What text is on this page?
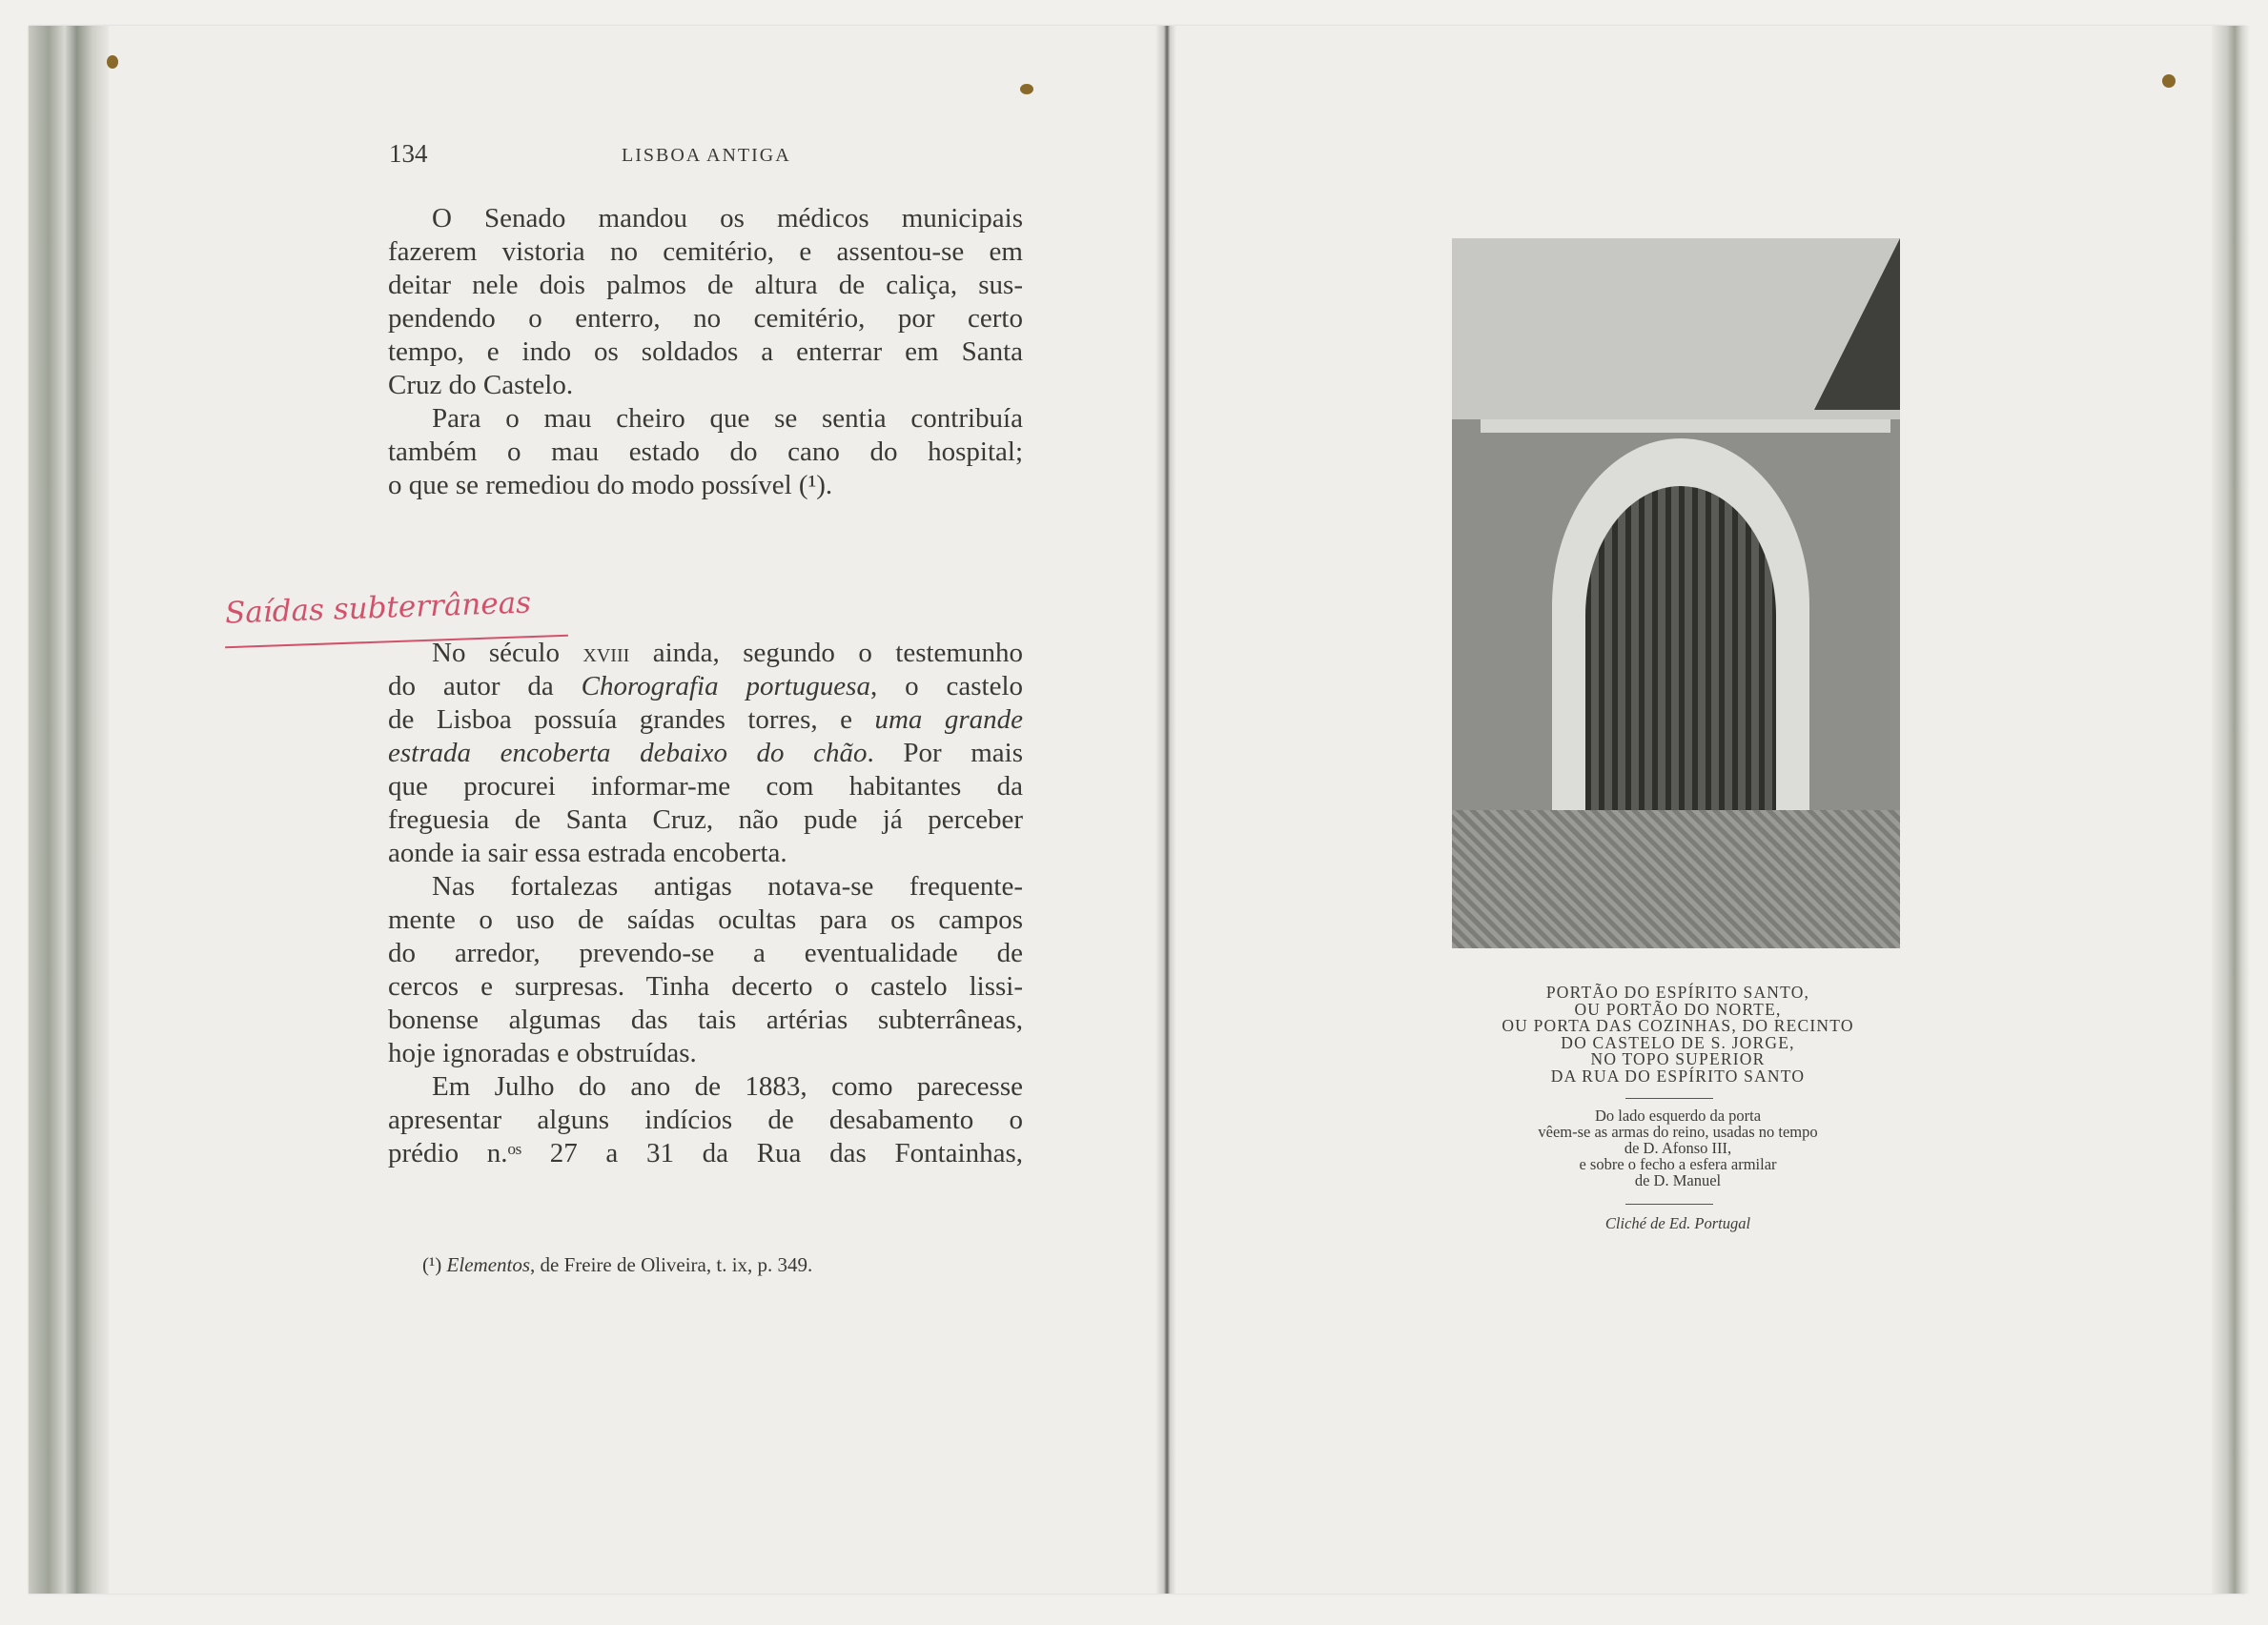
134	LISBOA ANTIGA
O Senado mandou os médicos municipais
fazerem vistoria no cemitério, e assentou-se em
deitar nele dois palmos de altura de caliça, sus-
pendendo o enterro, no cemitério, por certo
tempo, e indo os soldados a enterrar em Santa
Cruz do Castelo.
Para o mau cheiro que se sentia contribuía
também o mau estado do cano do hospital;
o que se remediou do modo possível (¹).
Saídas subterrâneas
No século xviii ainda, segundo o testemunho
do autor da Chorografia portuguesa, o castelo
de Lisboa possuía grandes torres, e uma grande
estrada encoberta debaixo do chão. Por mais
que procurei informar-me com habitantes da
freguesia de Santa Cruz, não pude já perceber
aonde ia sair essa estrada encoberta.
Nas fortalezas antigas notava-se frequente-
mente o uso de saídas ocultas para os campos
do arredor, prevendo-se a eventualidade de
cercos e surpresas. Tinha decerto o castelo lissi-
bonense algumas das tais artérias subterrâneas,
hoje ignoradas e obstruídas.
Em Julho do ano de 1883, como parecesse
apresentar alguns indícios de desabamento o
prédio n.ᵒˢ 27 a 31 da Rua das Fontainhas,
(¹) Elementos, de Freire de Oliveira, t. ix, p. 349.
PORTÃO DO ESPÍRITO SANTO,
OU PORTÃO DO NORTE,
OU PORTA DAS COZINHAS, DO RECINTO
DO CASTELO DE S. JORGE,
NO TOPO SUPERIOR
DA RUA DO ESPÍRITO SANTO
Do lado esquerdo da porta
vêem-se as armas do reino, usadas no tempo
de D. Afonso III,
e sobre o fecho a esfera armilar
de D. Manuel
Cliché de Ed. Portugal
